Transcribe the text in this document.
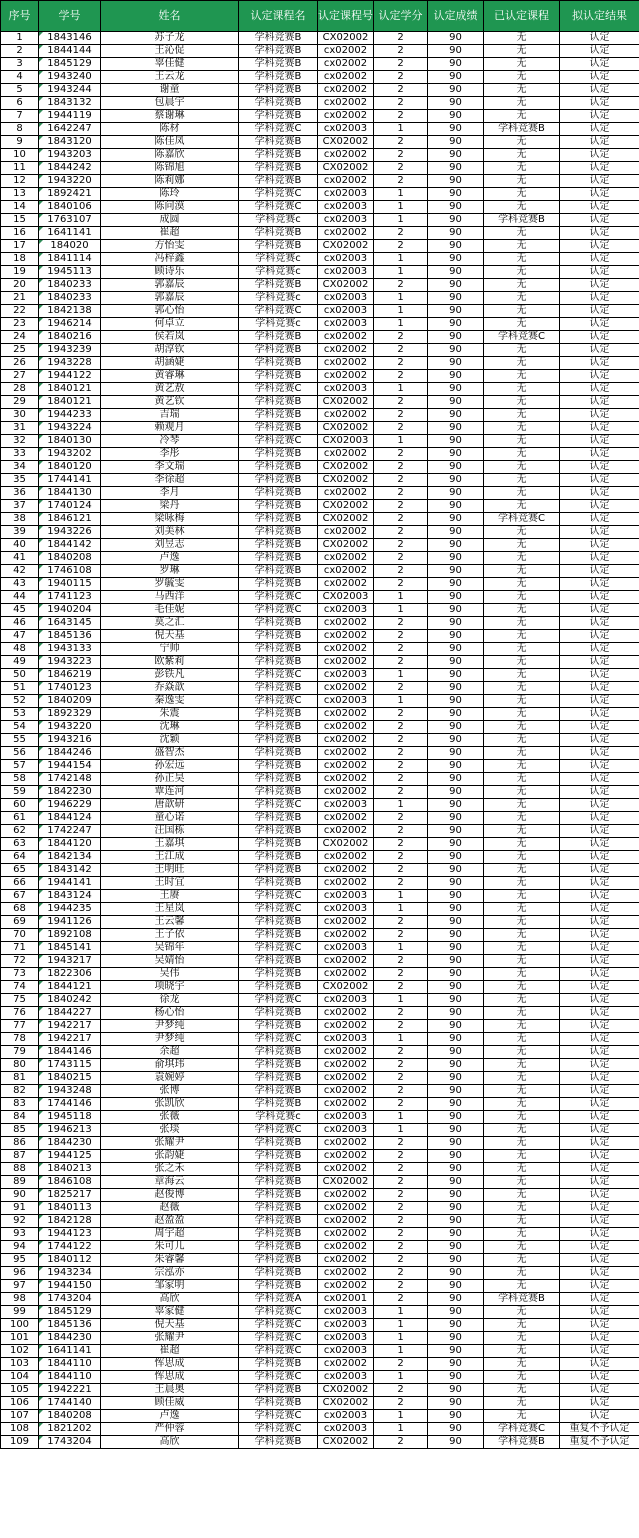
序号	学号	姓名	认定课程名	认定课程号	认定学分	认定成绩	已认定课程	拟认定结果
1	1843146	苏子龙	学科竞赛B	CX02002	2	90	无	认定
2	1844144	王沁促	学科竞赛B	cx02002	2	90	无	认定
3	1845129	辜佳健	学科竞赛B	cx02002	2	90	无	认定
4	1943240	王云龙	学科竞赛B	cx02002	2	90	无	认定
5	1943244	谢童	学科竞赛B	cx02002	2	90	无	认定
6	1843132	包晨宇	学科竞赛B	cx02002	2	90	无	认定
7	1944119	蔡谢琳	学科竞赛B	cx02002	2	90	无	认定
8	1642247	陈材	学科竞赛C	cx02003	1	90	学科竞赛B	认定
9	1843120	陈佳凤	学科竞赛B	CX02002	2	90	无	认定
10	1943203	陈嘉欣	学科竞赛B	cx02002	2	90	无	认定
11	1844242	陈锦旭	学科竞赛B	CX02002	2	90	无	认定
12	1943220	陈莉娜	学科竞赛B	cx02002	2	90	无	认定
13	1892421	陈玲	学科竞赛C	cx02003	1	90	无	认定
14	1840106	陈问漠	学科竞赛C	cx02003	1	90	无	认定
15	1763107	成圆	学科竞赛c	cx02003	1	90	学科竞赛B	认定
16	1641141	崔超	学科竞赛B	cx02002	2	90	无	认定
17	184020	方怡雯	学科竞赛B	CX02002	2	90	无	认定
18	1841114	冯梓鑫	学科竞赛c	cx02003	1	90	无	认定
19	1945113	顾诗乐	学科竞赛c	cx02003	1	90	无	认定
20	1840233	郭嘉辰	学科竞赛B	CX02002	2	90	无	认定
21	1840233	郭嘉辰	学科竞赛c	cx02003	1	90	无	认定
22	1842138	郭心怡	学科竞赛C	cx02003	1	90	无	认定
23	1946214	何卓立	学科竞赛c	cx02003	1	90	无	认定
24	1840216	侯若岚	学科竞赛B	cx02002	2	90	学科竞赛C	认定
25	1943239	胡淳钦	学科竞赛B	cx02002	2	90	无	认定
26	1943228	胡涵婕	学科竞赛B	cx02002	2	90	无	认定
27	1944122	黄睿琳	学科竞赛B	cx02002	2	90	无	认定
28	1840121	黄艺敖	学科竞赛C	cx02003	1	90	无	认定
29	1840121	黄艺钦	学科竞赛B	CX02002	2	90	无	认定
30	1944233	吉瑞	学科竞赛B	cx02002	2	90	无	认定
31	1943224	赖观月	学科竞赛B	CX02002	2	90	无	认定
32	1840130	冷琴	学科竞赛C	CX02003	1	90	无	认定
33	1943202	李彤	学科竞赛B	cx02002	2	90	无	认定
34	1840120	李文瑞	学科竞赛B	CX02002	2	90	无	认定
35	1744141	李徐超	学科竞赛B	CX02002	2	90	无	认定
36	1844130	李月	学科竞赛B	cx02002	2	90	无	认定
37	1740124	梁丹	学科竞赛B	CX02002	2	90	无	认定
38	1846121	梁咏梅	学科竞赛B	CX02002	2	90	学科竞赛C	认定
39	1943226	刘美林	学科竞赛B	cx02002	2	90	无	认定
40	1844142	刘昱志	学科竞赛B	CX02002	2	90	无	认定
41	1840208	卢逸	学科竞赛B	cx02002	2	90	无	认定
42	1746108	罗琳	学科竞赛B	cx02002	2	90	无	认定
43	1940115	罗毓雯	学科竞赛B	cx02002	2	90	无	认定
44	1741123	马西洋	学科竞赛C	CX02003	1	90	无	认定
45	1940204	毛佳妮	学科竞赛C	cx02003	1	90	无	认定
46	1643145	莫之汇	学科竞赛B	cx02002	2	90	无	认定
47	1845136	倪天基	学科竞赛B	cx02002	2	90	无	认定
48	1943133	宁帅	学科竞赛B	cx02002	2	90	无	认定
49	1943223	欧紫莉	学科竞赛B	cx02002	2	90	无	认定
50	1846219	彭铁凡	学科竞赛C	cx02003	1	90	无	认定
51	1740123	乔焱歆	学科竞赛B	cx02002	2	90	无	认定
52	1840209	秦逸雯	学科竞赛C	cx02003	1	90	无	认定
53	1892329	朱震	学科竞赛B	cx02002	2	90	无	认定
54	1943220	沈琳	学科竞赛B	cx02002	2	90	无	认定
55	1943216	沈颖	学科竞赛B	cx02002	2	90	无	认定
56	1844246	盛智杰	学科竞赛B	cx02002	2	90	无	认定
57	1944154	孙宏远	学科竞赛B	cx02002	2	90	无	认定
58	1742148	孙正昊	学科竞赛B	cx02002	2	90	无	认定
59	1842230	覃连河	学科竞赛B	cx02002	2	90	无	认定
60	1946229	唐歆研	学科竞赛C	cx02003	1	90	无	认定
61	1844124	童心诺	学科竞赛B	cx02002	2	90	无	认定
62	1742247	汪国栋	学科竞赛B	cx02002	2	90	无	认定
63	1844120	王嘉琪	学科竞赛B	CX02002	2	90	无	认定
64	1842134	王江成	学科竞赛B	cx02002	2	90	无	认定
65	1843142	王明旺	学科竞赛B	cx02002	2	90	无	认定
66	1944141	王时宜	学科竞赛B	cx02002	2	90	无	认定
67	1843124	王赓	学科竞赛C	cx02003	1	90	无	认定
68	1944235	王星岚	学科竞赛C	cx02003	1	90	无	认定
69	1941126	王云馨	学科竞赛B	cx02002	2	90	无	认定
70	1892108	王子依	学科竞赛B	cx02002	2	90	无	认定
71	1845141	吴锦年	学科竞赛C	cx02003	1	90	无	认定
72	1943217	吴婧怡	学科竞赛B	cx02002	2	90	无	认定
73	1822306	吴伟	学科竞赛B	cx02002	2	90	无	认定
74	1844121	项晓宇	学科竞赛B	CX02002	2	90	无	认定
75	1840242	徐龙	学科竞赛C	cx02003	1	90	无	认定
76	1844227	杨心怡	学科竞赛B	cx02002	2	90	无	认定
77	1942217	尹梦纯	学科竞赛B	cx02002	2	90	无	认定
78	1942217	尹梦纯	学科竞赛C	cx02003	1	90	无	认定
79	1844146	余超	学科竞赛B	cx02002	2	90	无	认定
80	1743115	俞琪玮	学科竞赛B	cx02002	2	90	无	认定
81	1840215	袁婉婷	学科竞赛B	cx02002	2	90	无	认定
82	1943248	张博	学科竞赛B	cx02002	2	90	无	认定
83	1744146	张凯欣	学科竞赛B	cx02002	2	90	无	认定
84	1945118	张薇	学科竞赛c	cx02003	1	90	无	认定
85	1946213	张琰	学科竞赛C	cx02003	1	90	无	认定
86	1844230	张耀尹	学科竞赛B	cx02002	2	90	无	认定
87	1944125	张韵婕	学科竞赛B	cx02002	2	90	无	认定
88	1840213	张之禾	学科竞赛B	cx02002	2	90	无	认定
89	1846108	章海云	学科竞赛B	CX02002	2	90	无	认定
90	1825217	赵俊博	学科竞赛B	cx02002	2	90	无	认定
91	1840113	赵薇	学科竞赛B	cx02002	2	90	无	认定
92	1842128	赵盈盈	学科竞赛B	cx02002	2	90	无	认定
93	1944123	周宇超	学科竞赛B	cx02002	2	90	无	认定
94	1744122	朱可儿	学科竞赛B	cx02002	2	90	无	认定
95	1840112	朱睿馨	学科竞赛B	cx02002	2	90	无	认定
96	1943234	宗泓亦	学科竞赛B	cx02002	2	90	无	认定
97	1944150	邹家明	学科竞赛B	cx02002	2	90	无	认定
98	1743204	高欣	学科竞赛A	cx02001	2	90	学科竞赛B	认定
99	1845129	辜家健	学科竞赛C	cx02003	1	90	无	认定
100	1845136	倪天基	学科竞赛C	cx02003	1	90	无	认定
101	1844230	张耀尹	学科竞赛C	cx02003	1	90	无	认定
102	1641141	崔超	学科竞赛C	cx02003	1	90	无	认定
103	1844110	恽思成	学科竞赛B	cx02002	2	90	无	认定
104	1844110	恽思成	学科竞赛C	cx02003	1	90	无	认定
105	1942221	王晨奥	学科竞赛B	CX02002	2	90	无	认定
106	1744140	顾佳威	学科竞赛B	CX02002	2	90	无	认定
107	1840208	卢逸	学科竞赛C	cx02003	1	90	无	认定
108	1821202	严仲蓉	学科竞赛C	cx02003	1	90	学科竞赛C	重复不予认定
109	1743204	高欣	学科竞赛B	CX02002	2	90	学科竞赛B	重复不予认定
